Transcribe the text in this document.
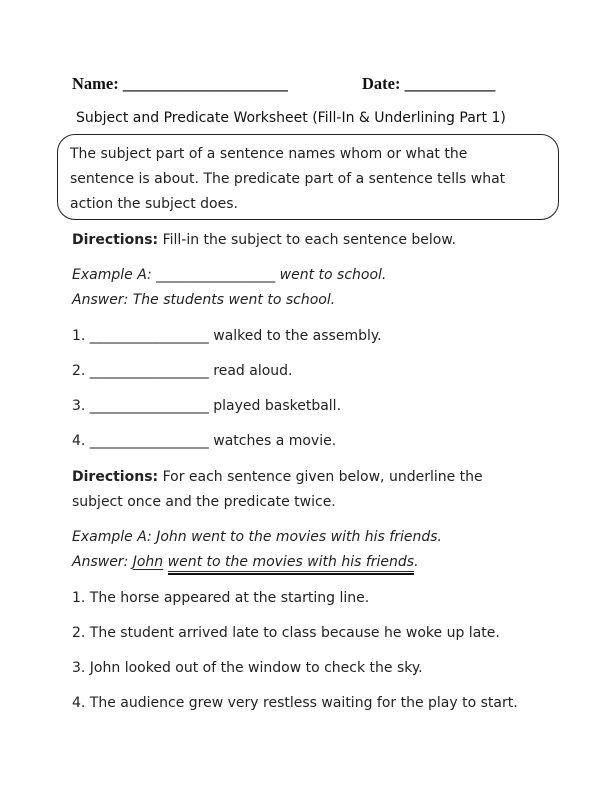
Name: ____________________	Date: ___________
Subject and Predicate Worksheet (Fill-In & Underlining Part 1)
The subject part of a sentence names whom or what the
sentence is about. The predicate part of a sentence tells what
action the subject does.
Directions: Fill-in the subject to each sentence below.
Example A: _________________ went to school.
Answer: The students went to school.
1. _________________ walked to the assembly.
2. _________________ read aloud.
3. _________________ played basketball.
4. _________________ watches a movie.
Directions: For each sentence given below, underline the
subject once and the predicate twice.
Example A: John went to the movies with his friends.
Answer: John went to the movies with his friends
.
1. The horse appeared at the starting line.
2. The student arrived late to class because he woke up late.
3. John looked out of the window to check the sky.
4. The audience grew very restless waiting for the play to start.
